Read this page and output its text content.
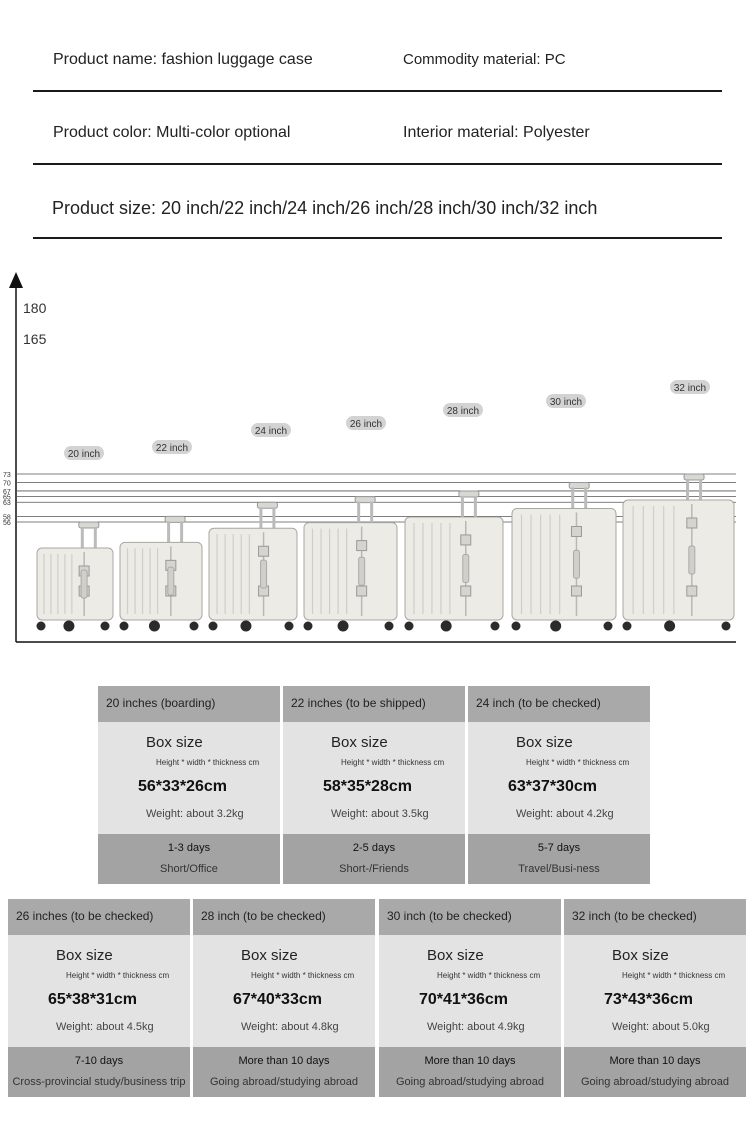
Product name: fashion luggage case	Commodity material: PC
Product color: Multi-color optional	Interior material: Polyester
Product size: 20 inch/22 inch/24 inch/26 inch/28 inch/30 inch/32 inch
180
165
73
70
67
65
63
58
56
20 inch
22 inch
24 inch
26 inch
28 inch
30 inch
32 inch
20 inches (boarding)
Box size
Height * width * thickness cm
56*33*26cm
Weight: about 3.2kg
1-3 days
Short/Office
22 inches (to be shipped)
Box size
Height * width * thickness cm
58*35*28cm
Weight: about 3.5kg
2-5 days
Short-/Friends
24 inch (to be checked)
Box size
Height * width * thickness cm
63*37*30cm
Weight: about 4.2kg
5-7 days
Travel/Busi-ness
26 inches (to be checked)
Box size
Height * width * thickness cm
65*38*31cm
Weight: about 4.5kg
7-10 days
Cross-provincial study/business trip
28 inch (to be checked)
Box size
Height * width * thickness cm
67*40*33cm
Weight: about 4.8kg
More than 10 days
Going abroad/studying abroad
30 inch (to be checked)
Box size
Height * width * thickness cm
70*41*36cm
Weight: about 4.9kg
More than 10 days
Going abroad/studying abroad
32 inch (to be checked)
Box size
Height * width * thickness cm
73*43*36cm
Weight: about 5.0kg
More than 10 days
Going abroad/studying abroad
